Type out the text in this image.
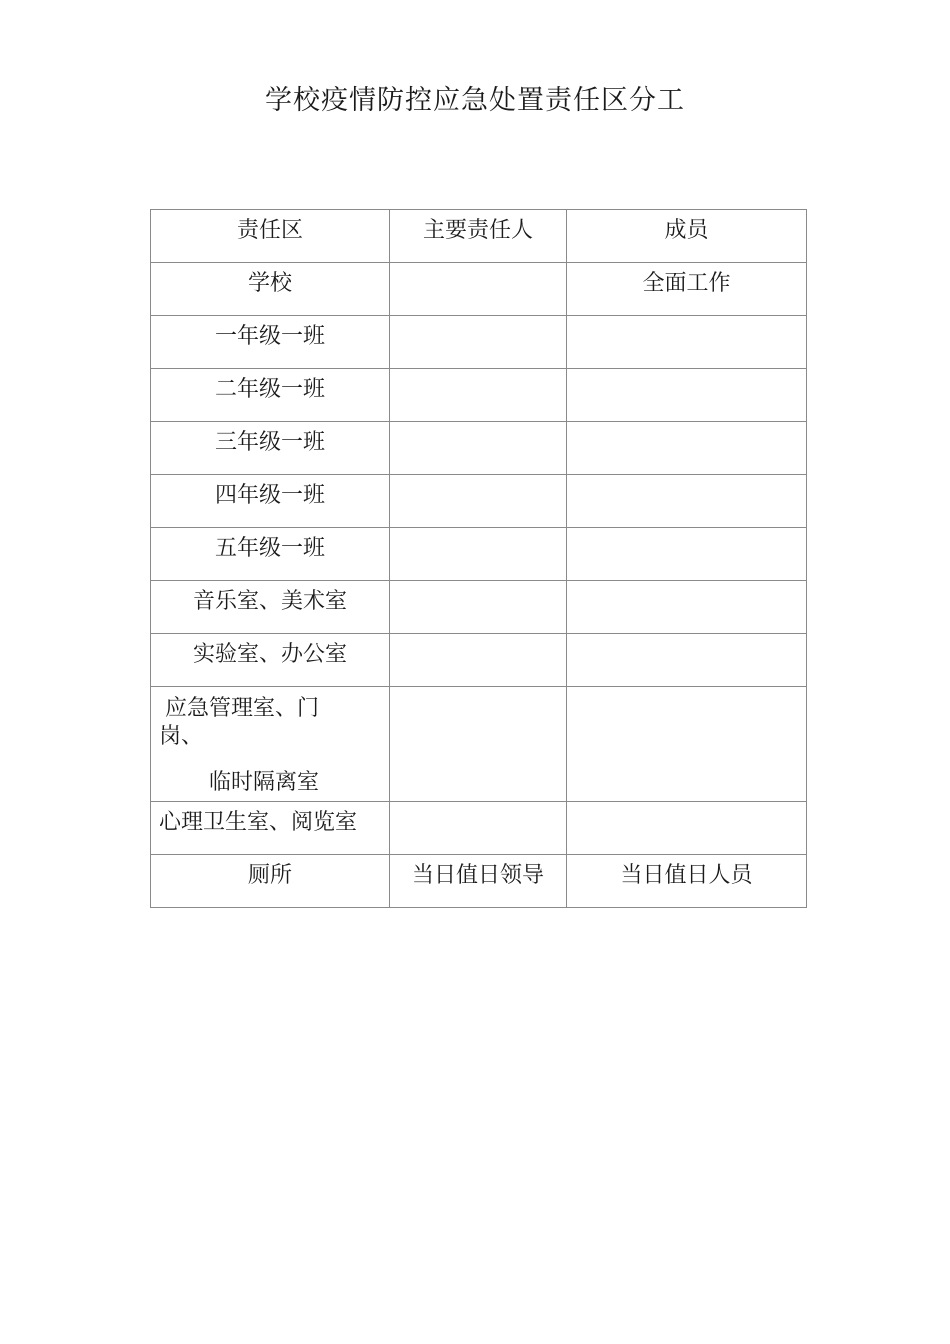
学校疫情防控应急处置责任区分工
责任区	主要责任人	成员
学校		全面工作
一年级一班		
二年级一班		
三年级一班		
四年级一班		
五年级一班		
音乐室、美术室		
实验室、办公室		

应急管理室、门
岗、
临时隔离室		

心理卫生室、阅览室		
厕所	当日值日领导	当日值日人员
